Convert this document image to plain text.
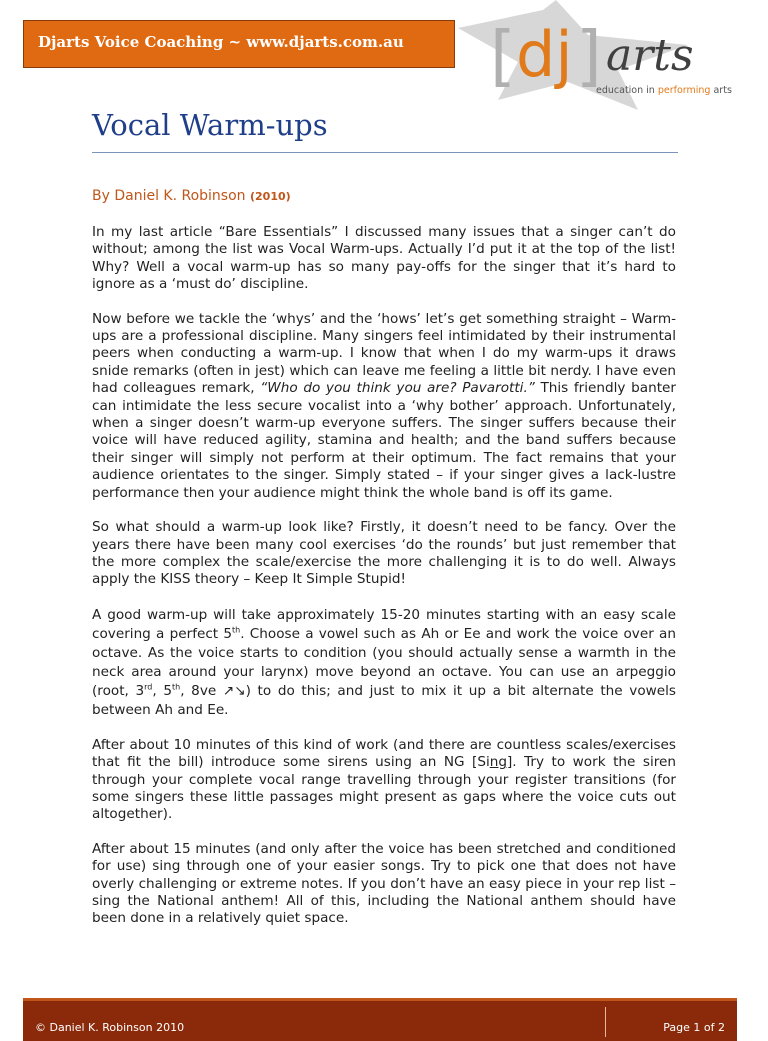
Djarts Voice Coaching ~ www.djarts.com.au [ dj ] arts
education in performing arts
Vocal Warm-ups
By Daniel K. Robinson (2010)

In my last article “Bare Essentials” I discussed many issues that a singer can’t do without; among the list was Vocal Warm-ups. Actually I’d put it at the top of the list! Why? Well a vocal warm-up has so many pay-offs for the singer that it’s hard to ignore as a ‘must do’ discipline.

Now before we tackle the ‘whys’ and the ‘hows’ let’s get something straight – Warm-ups are a professional discipline. Many singers feel intimidated by their instrumental peers when conducting a warm-up. I know that when I do my warm-ups it draws snide remarks (often in jest) which can leave me feeling a little bit nerdy. I have even had colleagues remark, “Who do you think you are? Pavarotti.” This friendly banter can intimidate the less secure vocalist into a ‘why bother’ approach. Unfortunately, when a singer doesn’t warm-up everyone suffers. The singer suffers because their voice will have reduced agility, stamina and health; and the band suffers because their singer will simply not perform at their optimum. The fact remains that your audience orientates to the singer. Simply stated – if your singer gives a lack-lustre performance then your audience might think the whole band is off its game.

So what should a warm-up look like? Firstly, it doesn’t need to be fancy. Over the years there have been many cool exercises ‘do the rounds’ but just remember that the more complex the scale/exercise the more challenging it is to do well. Always apply the KISS theory – Keep It Simple Stupid!

A good warm-up will take approximately 15-20 minutes starting with an easy scale covering a perfect 5th. Choose a vowel such as Ah or Ee and work the voice over an octave. As the voice starts to condition (you should actually sense a warmth in the neck area around your larynx) move beyond an octave. You can use an arpeggio (root, 3rd, 5th, 8ve ↗↘) to do this; and just to mix it up a bit alternate the vowels between Ah and Ee.

After about 10 minutes of this kind of work (and there are countless scales/exercises that fit the bill) introduce some sirens using an NG [Sing]. Try to work the siren through your complete vocal range travelling through your register transitions (for some singers these little passages might present as gaps where the voice cuts out altogether).

After about 15 minutes (and only after the voice has been stretched and conditioned for use) sing through one of your easier songs. Try to pick one that does not have overly challenging or extreme notes. If you don’t have an easy piece in your rep list – sing the National anthem! All of this, including the National anthem should have been done in a relatively quiet space.

© Daniel K. Robinson 2010	Page 1 of 2
